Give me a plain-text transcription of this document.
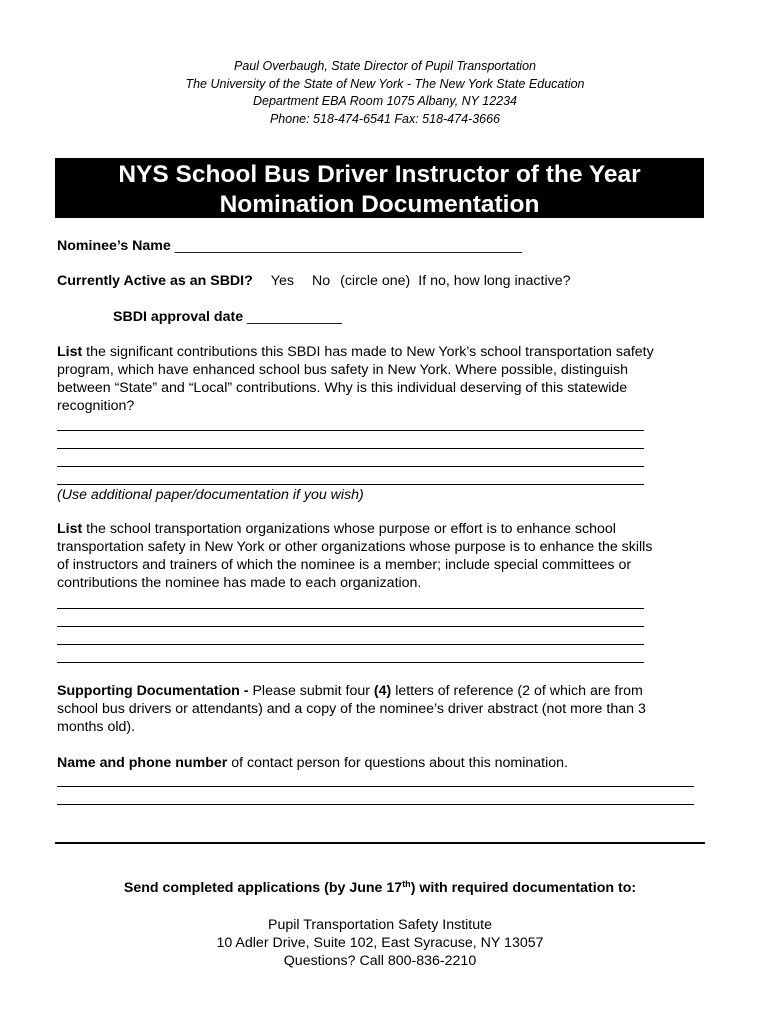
Paul Overbaugh, State Director of Pupil Transportation
The University of the State of New York - The New York State Education
Department EBA Room 1075 Albany, NY 12234
Phone: 518-474-6541 Fax: 518-474-3666
NYS School Bus Driver Instructor of the Year
Nomination Documentation
Nominee’s Name ____________________________________________
Currently Active as an SBDI? Yes No (circle one) If no, how long inactive?
SBDI approval date ____________
List the significant contributions this SBDI has made to New York’s school transportation safety
program, which have enhanced school bus safety in New York. Where possible, distinguish
between “State” and “Local” contributions. Why is this individual deserving of this statewide
recognition?
(Use additional paper/documentation if you wish)
List the school transportation organizations whose purpose or effort is to enhance school
transportation safety in New York or other organizations whose purpose is to enhance the skills
of instructors and trainers of which the nominee is a member; include special committees or
contributions the nominee has made to each organization.
Supporting Documentation - Please submit four (4) letters of reference (2 of which are from
school bus drivers or attendants) and a copy of the nominee’s driver abstract (not more than 3
months old).
Name and phone number of contact person for questions about this nomination.
Send completed applications (by June 17th) with required documentation to:
Pupil Transportation Safety Institute
10 Adler Drive, Suite 102, East Syracuse, NY 13057
Questions? Call 800-836-2210
